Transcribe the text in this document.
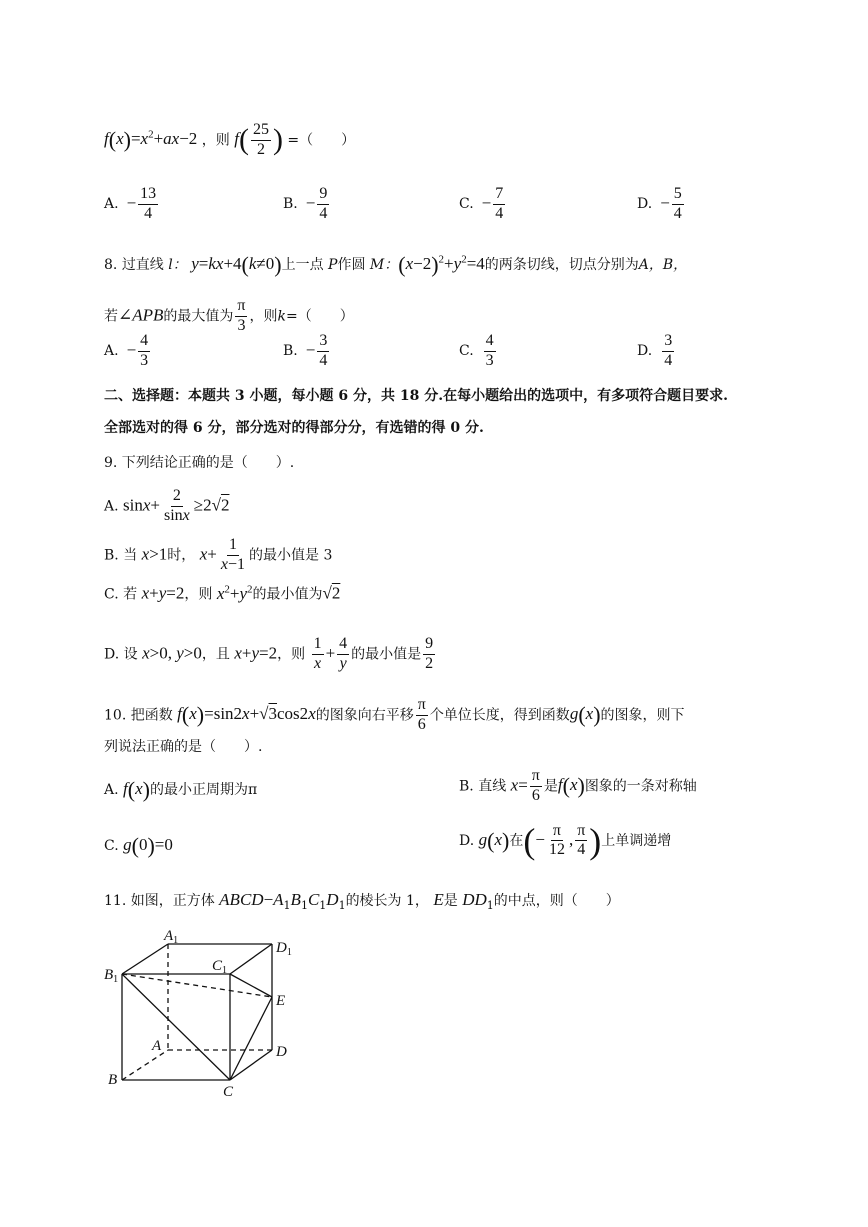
$f(x)=x^2+ax-2$ ，则 $f( \frac{25}{2}$ ) =（　　）
A. − $\frac{13}{4}$	B. − $\frac{9}{4}$	C. − $\frac{7}{4}$	D. − $\frac{5}{4}$
8. 过直线 l： y=kx+4(k≠0)上一点 P作圆 M：$(x-2)^2+y^2=4$的两条切线，切点分别为A，B，
若∠APB的最大值为 $\frac{\pi}{3}$ ，则k=（　　）
A. − $\frac{4}{3}$	B. − $\frac{3}{4}$	C. $\frac{4}{3}$	D. $\frac{3}{4}$
二、选择题：本题共 3 小题，每小题 6 分，共 18 分.在每小题给出的选项中，有多项符合题目要求.
全部选对的得 6 分，部分选对的得部分分，有选错的得 0 分.
9. 下列结论正确的是（　　）.
A. $\sin x+ \frac{2}{\sin x} \ge 2√2$
B. 当 x>1时， $x+ \frac{1}{x-1}$ 的最小值是 3
C. 若 x+y=2，则 $x^2+y^2$的最小值为√2
D. 设 x>0, y>0，且 x+y=2，则 $\frac{1}{x} + \frac{4}{y}$ 的最小值是 $\frac{9}{2}$
10. 把函数 f(x)=sin2x+√3cos2x的图象向右平移 $\frac{\pi}{6}$ 个单位长度，得到函数g(x)的图象，则下
列说法正确的是（　　）.
A. f(x)的最小正周期为π	B. 直线 $x= \frac{\pi}{6}$ 是f(x)图象的一条对称轴
C. g(0)=0	D. g(x)在(− $\frac{\pi}{12}$ , $\frac{\pi}{4}$ )上单调递增
11. 如图，正方体 $ABCD-A_1B_1C_1D_1$的棱长为 1， E是 $DD_1$的中点，则（　　）
$A_1$
$B_1$
$C_1$
$D_1$
E
A	D
B
C
